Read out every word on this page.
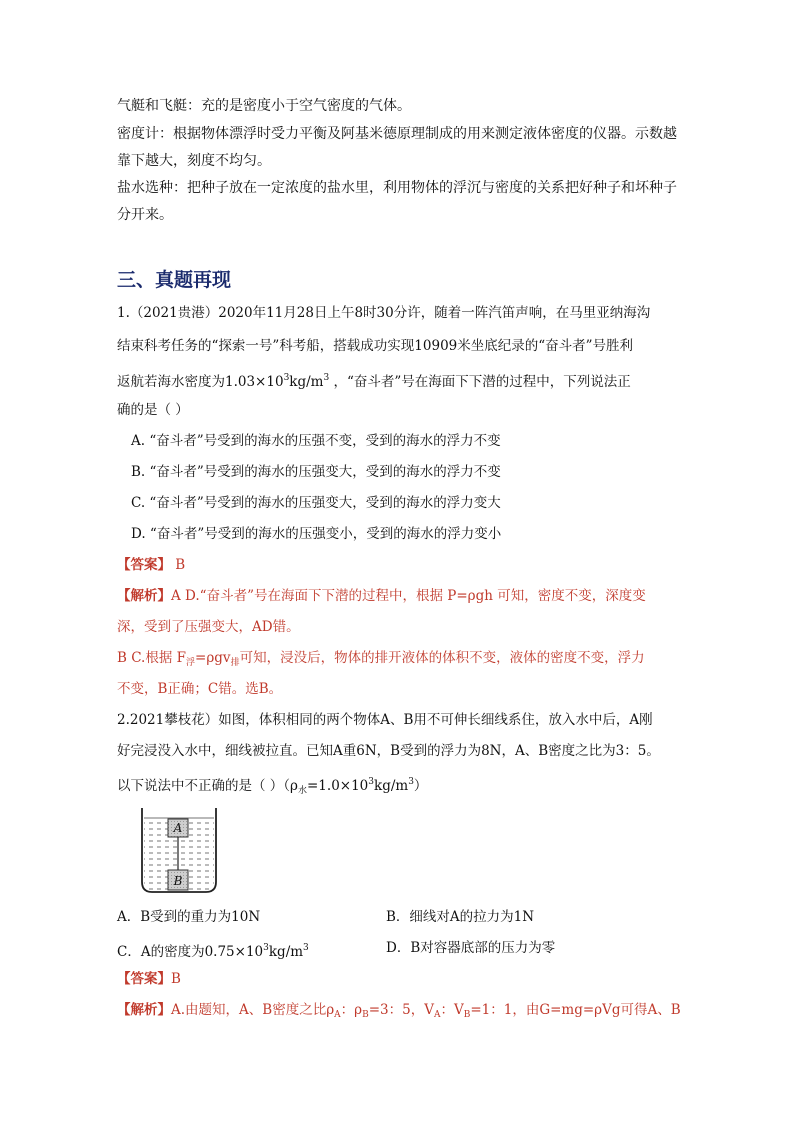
气艇和飞艇：充的是密度小于空气密度的气体。
密度计：根据物体漂浮时受力平衡及阿基米德原理制成的用来测定液体密度的仪器。示数越
靠下越大，刻度不均匀。
盐水选种：把种子放在一定浓度的盐水里，利用物体的浮沉与密度的关系把好种子和坏种子
分开来。
三、真题再现
1.（2021贵港）2020年11月28日上午8时30分许，随着一阵汽笛声响，在马里亚纳海沟
结束科考任务的“探索一号”科考船，搭载成功实现10909米坐底纪录的“奋斗者”号胜利
返航若海水密度为$1.03\times 10^3kg/m^3$ ，“奋斗者”号在海面下下潜的过程中，下列说法正
确的是（ ）
A. “奋斗者”号受到的海水的压强不变，受到的海水的浮力不变
B. “奋斗者”号受到的海水的压强变大，受到的海水的浮力不变
C. “奋斗者”号受到的海水的压强变大，受到的海水的浮力变大
D. “奋斗者”号受到的海水的压强变小，受到的海水的浮力变小
【答案】 B
【解析】A D.“奋斗者”号在海面下下潜的过程中，根据 P=ρgh 可知，密度不变，深度变
深，受到了压强变大，AD错。
B C.根据 $F_浮=\rho gv_排$可知，浸没后，物体的排开液体的体积不变，液体的密度不变，浮力
不变，B正确；C错。选B。
2.2021攀枝花）如图，体积相同的两个物体A、B用不可伸长细线系住，放入水中后，A刚
好完浸没入水中，细线被拉直。已知A重6N，B受到的浮力为8N，A、B密度之比为3：5。
以下说法中不正确的是（ ）$(\rho_水=1.0\times 10^3kg/m^3)$
A
B
A．B受到的重力为10N	B．细线对A的拉力为1N
C．A的密度为$0.75\times 10^3kg/m^3$	D．B对容器底部的压力为零
【答案】B
【解析】A.由题知，A、B密度之比$\rho_A$：$\rho_B=3$：5，$V_A$：$V_B=1$：1，由G=mg=ρVg可得A、B
